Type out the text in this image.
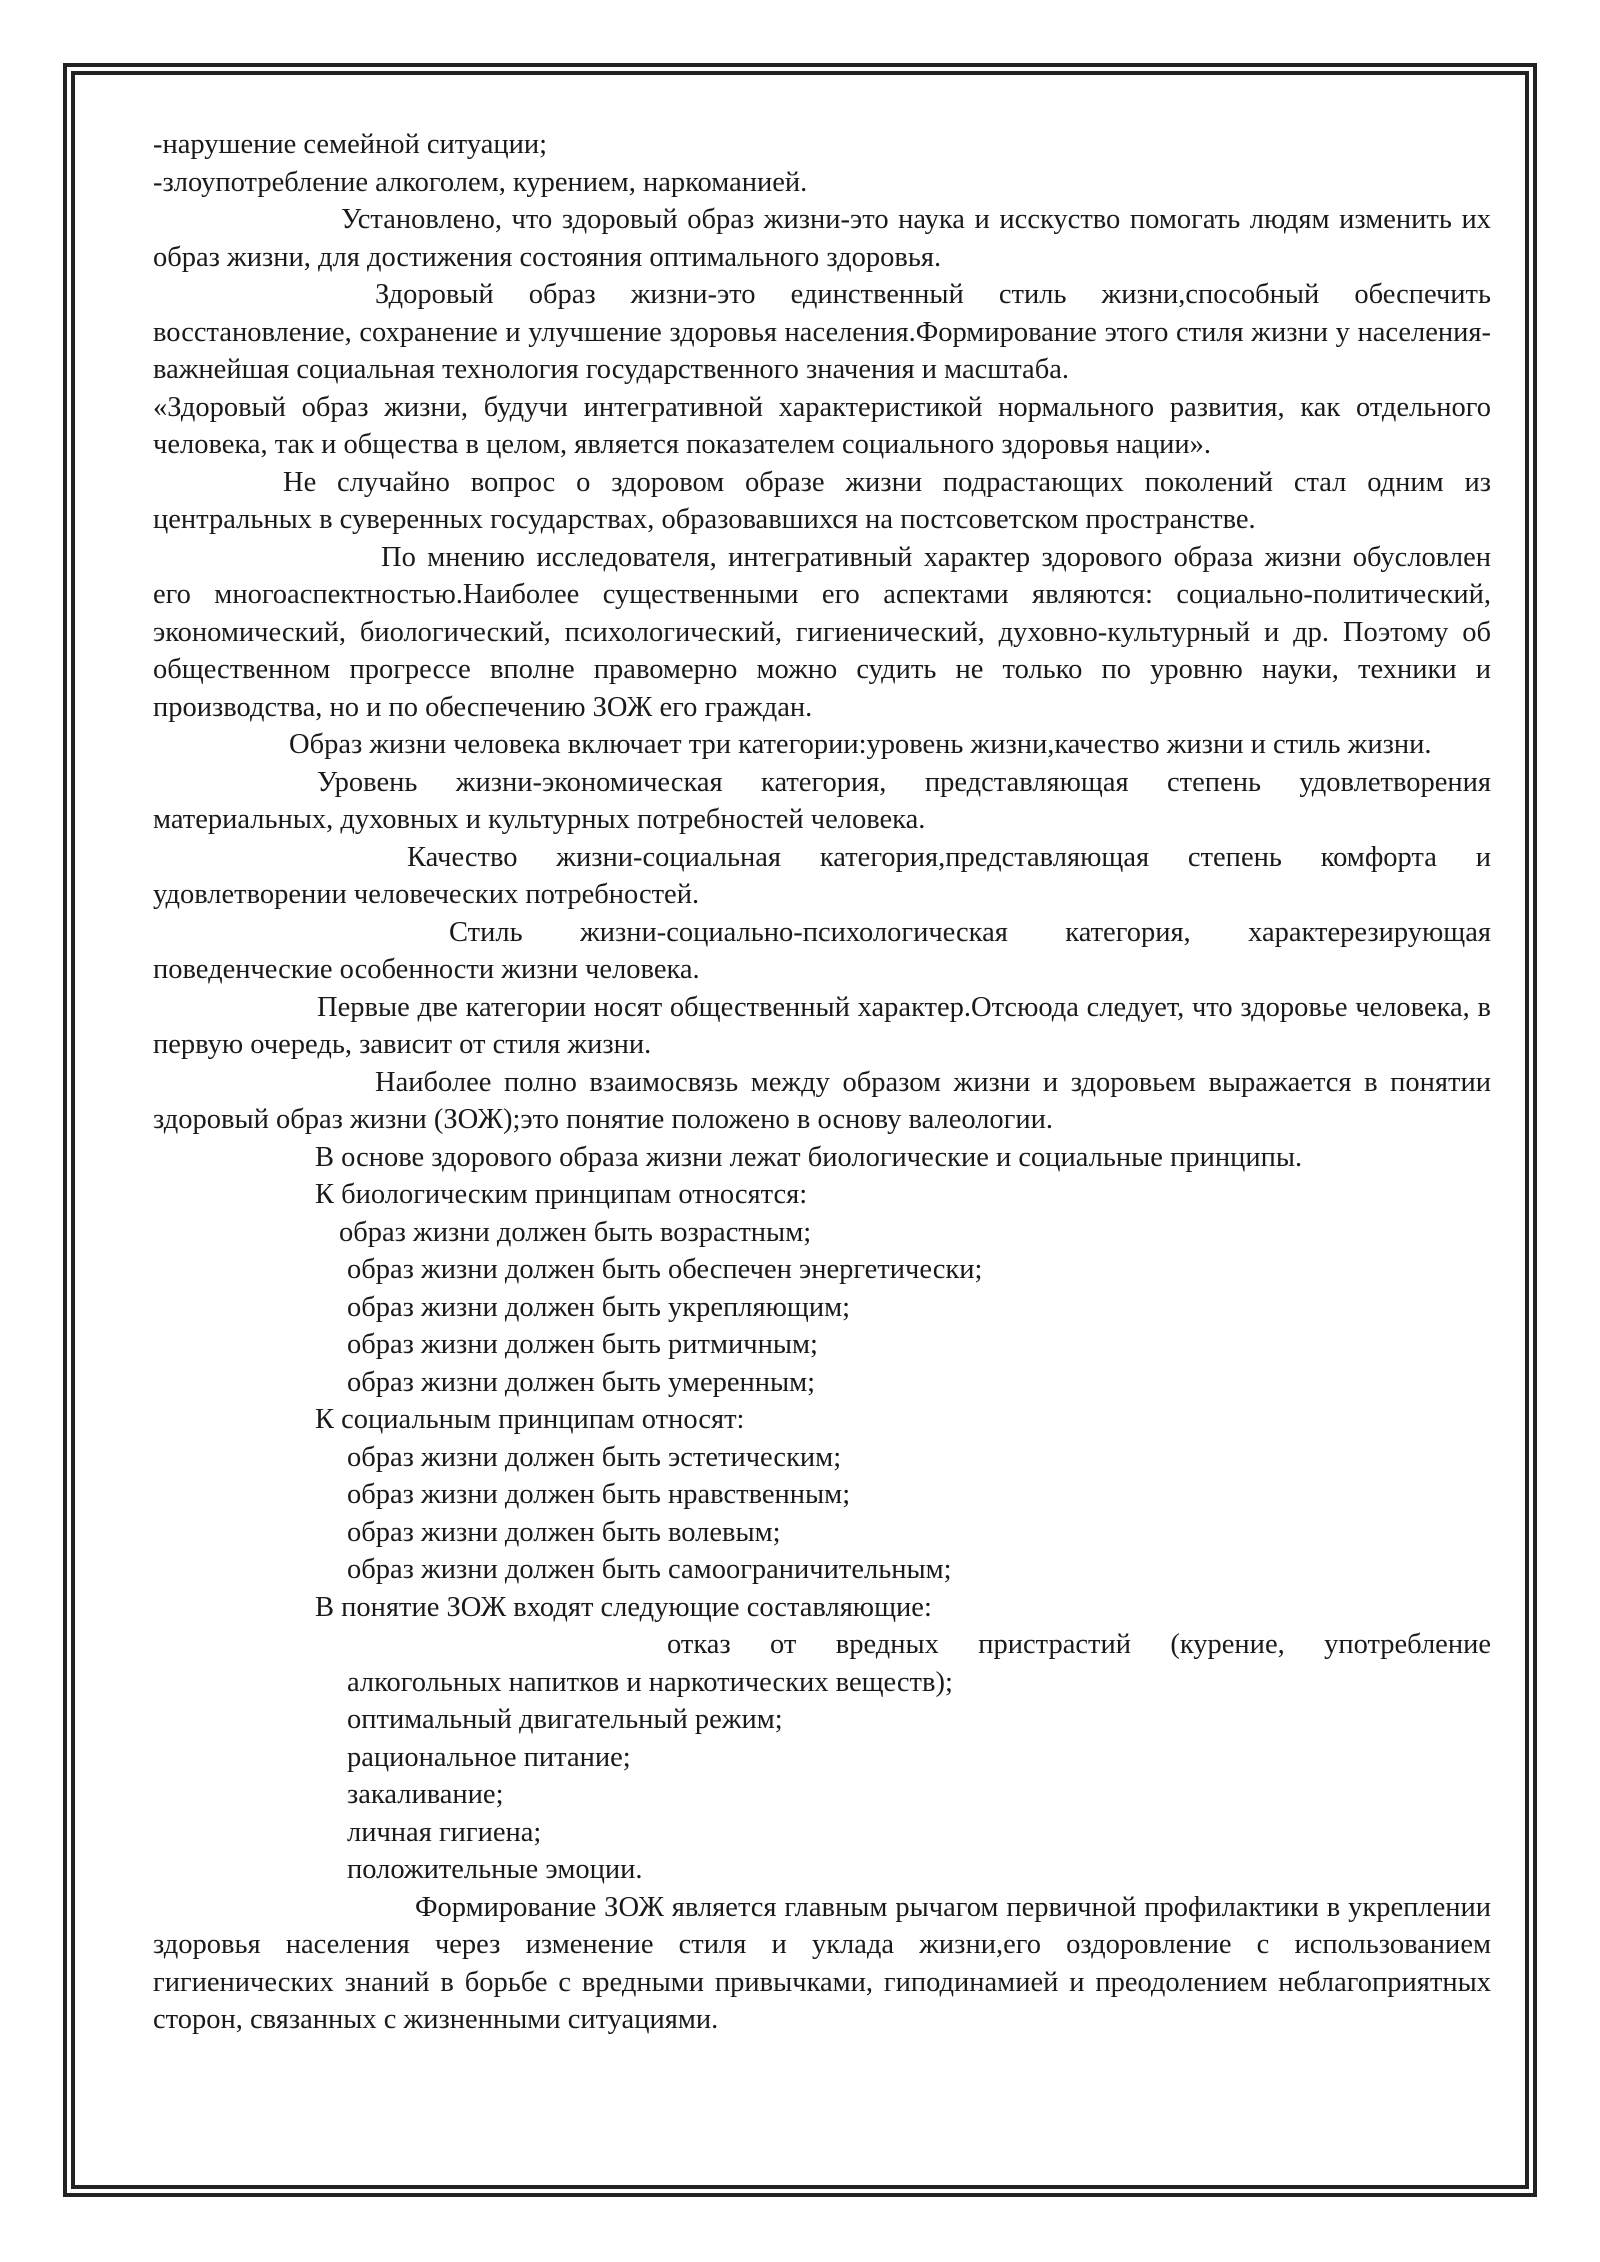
-нарушение семейной ситуации;

-злоупотребление алкоголем, курением, наркоманией.

Установлено, что здоровый образ жизни-это наука и исскуство помогать людям изменить их образ жизни, для достижения состояния оптимального здоровья.

Здоровый образ жизни-это единственный стиль жизни,способный обеспечить восстановление, сохранение и улучшение здоровья населения.Формирование этого стиля жизни у населения-важнейшая социальная технология государственного значения и масштаба.

«Здоровый образ жизни, будучи интегративной характеристикой нормального развития, как отдельного человека, так и общества в целом, является показателем социального здоровья нации».

Не случайно вопрос о здоровом образе жизни подрастающих поколений стал одним из центральных в суверенных государствах, образовавшихся на постсоветском пространстве.

По мнению исследователя, интегративный характер здорового образа жизни обусловлен его многоаспектностью.Наиболее существенными его аспектами являются: социально-политический, экономический, биологический, психологический, гигиенический, духовно-культурный и др. Поэтому об общественном прогрессе вполне правомерно можно судить не только по уровню науки, техники и производства, но и по обеспечению ЗОЖ его граждан.

Образ жизни человека включает три категории:уровень жизни,качество жизни и стиль жизни.

Уровень жизни-экономическая категория, представляющая степень удовлетворения материальных, духовных и культурных потребностей человека.

Качество жизни-социальная категория,представляющая степень комфорта и удовлетворении человеческих потребностей.

Стиль жизни-социально-психологическая категория, характерезирующая поведенческие особенности жизни человека.

Первые две категории носят общественный характер.Отсюода следует, что здоровье человека, в первую очередь, зависит от стиля жизни.

Наиболее полно взаимосвязь между образом жизни и здоровьем выражается в понятии здоровый образ жизни (ЗОЖ);это понятие положено в основу валеологии.

В основе здорового образа жизни лежат биологические и социальные принципы.

К биологическим принципам относятся:

образ жизни должен быть возрастным;

образ жизни должен быть обеспечен энергетически;

образ жизни должен быть укрепляющим;

образ жизни должен быть ритмичным;

образ жизни должен быть умеренным;

К социальным принципам относят:

образ жизни должен быть эстетическим;

образ жизни должен быть нравственным;

образ жизни должен быть волевым;

образ жизни должен быть самоограничительным;

В понятие ЗОЖ входят следующие составляющие:

отказ от вредных пристрастий (курение, употребление алкогольных напитков и наркотических веществ);

оптимальный двигательный режим;

рациональное питание;

закаливание;

личная гигиена;

положительные эмоции.

Формирование ЗОЖ является главным рычагом первичной профилактики в укреплении здоровья населения через изменение стиля и уклада жизни,его оздоровление с использованием гигиенических знаний в борьбе с вредными привычками, гиподинамией и преодолением неблагоприятных сторон, связанных с жизненными ситуациями.
